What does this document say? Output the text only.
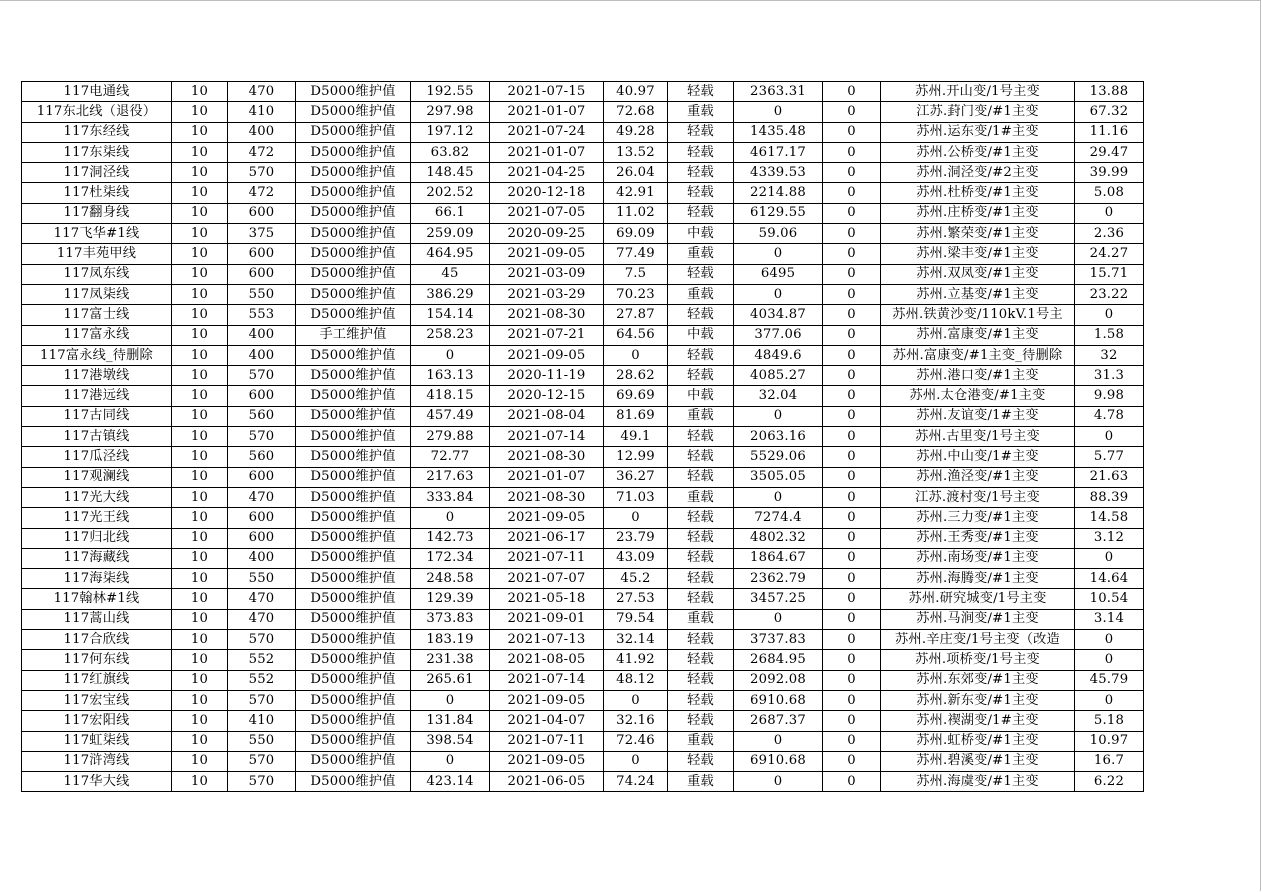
117电通线	10	470	D5000维护值	192.55	2021-07-15	40.97	轻载	2363.31	0	苏州.开山变/1号主变	13.88
117东北线（退役）	10	410	D5000维护值	297.98	2021-01-07	72.68	重载	0	0	江苏.葑门变/#1主变	67.32
117东经线	10	400	D5000维护值	197.12	2021-07-24	49.28	轻载	1435.48	0	苏州.运东变/1#主变	11.16
117东柒线	10	472	D5000维护值	63.82	2021-01-07	13.52	轻载	4617.17	0	苏州.公桥变/#1主变	29.47
117洞泾线	10	570	D5000维护值	148.45	2021-04-25	26.04	轻载	4339.53	0	苏州.洞泾变/#2主变	39.99
117杜柒线	10	472	D5000维护值	202.52	2020-12-18	42.91	轻载	2214.88	0	苏州.杜桥变/#1主变	5.08
117翻身线	10	600	D5000维护值	66.1	2021-07-05	11.02	轻载	6129.55	0	苏州.庄桥变/#1主变	0
117飞华#1线	10	375	D5000维护值	259.09	2020-09-25	69.09	中载	59.06	0	苏州.繁荣变/#1主变	2.36
117丰苑甲线	10	600	D5000维护值	464.95	2021-09-05	77.49	重载	0	0	苏州.梁丰变/#1主变	24.27
117凤东线	10	600	D5000维护值	45	2021-03-09	7.5	轻载	6495	0	苏州.双凤变/#1主变	15.71
117凤柒线	10	550	D5000维护值	386.29	2021-03-29	70.23	重载	0	0	苏州.立基变/#1主变	23.22
117富士线	10	553	D5000维护值	154.14	2021-08-30	27.87	轻载	4034.87	0	苏州.铁黄沙变/110kV.1号主	0
117富永线	10	400	手工维护值	258.23	2021-07-21	64.56	中载	377.06	0	苏州.富康变/#1主变	1.58
117富永线_待删除	10	400	D5000维护值	0	2021-09-05	0	轻载	4849.6	0	苏州.富康变/#1主变_待删除	32
117港墩线	10	570	D5000维护值	163.13	2020-11-19	28.62	轻载	4085.27	0	苏州.港口变/#1主变	31.3
117港远线	10	600	D5000维护值	418.15	2020-12-15	69.69	中载	32.04	0	苏州.太仓港变/#1主变	9.98
117古同线	10	560	D5000维护值	457.49	2021-08-04	81.69	重载	0	0	苏州.友谊变/1#主变	4.78
117古镇线	10	570	D5000维护值	279.88	2021-07-14	49.1	轻载	2063.16	0	苏州.古里变/1号主变	0
117瓜泾线	10	560	D5000维护值	72.77	2021-08-30	12.99	轻载	5529.06	0	苏州.中山变/1#主变	5.77
117观澜线	10	600	D5000维护值	217.63	2021-01-07	36.27	轻载	3505.05	0	苏州.渔泾变/#1主变	21.63
117光大线	10	470	D5000维护值	333.84	2021-08-30	71.03	重载	0	0	江苏.渡村变/1号主变	88.39
117光王线	10	600	D5000维护值	0	2021-09-05	0	轻载	7274.4	0	苏州.三力变/#1主变	14.58
117归北线	10	600	D5000维护值	142.73	2021-06-17	23.79	轻载	4802.32	0	苏州.王秀变/#1主变	3.12
117海藏线	10	400	D5000维护值	172.34	2021-07-11	43.09	轻载	1864.67	0	苏州.南场变/#1主变	0
117海柒线	10	550	D5000维护值	248.58	2021-07-07	45.2	轻载	2362.79	0	苏州.海腾变/#1主变	14.64
117翰林#1线	10	470	D5000维护值	129.39	2021-05-18	27.53	轻载	3457.25	0	苏州.研究城变/1号主变	10.54
117蒿山线	10	470	D5000维护值	373.83	2021-09-01	79.54	重载	0	0	苏州.马涧变/#1主变	3.14
117合欣线	10	570	D5000维护值	183.19	2021-07-13	32.14	轻载	3737.83	0	苏州.辛庄变/1号主变（改造	0
117何东线	10	552	D5000维护值	231.38	2021-08-05	41.92	轻载	2684.95	0	苏州.项桥变/1号主变	0
117红旗线	10	552	D5000维护值	265.61	2021-07-14	48.12	轻载	2092.08	0	苏州.东郊变/#1主变	45.79
117宏宝线	10	570	D5000维护值	0	2021-09-05	0	轻载	6910.68	0	苏州.新东变/#1主变	0
117宏阳线	10	410	D5000维护值	131.84	2021-04-07	32.16	轻载	2687.37	0	苏州.禊湖变/1#主变	5.18
117虹柒线	10	550	D5000维护值	398.54	2021-07-11	72.46	重载	0	0	苏州.虹桥变/#1主变	10.97
117浒湾线	10	570	D5000维护值	0	2021-09-05	0	轻载	6910.68	0	苏州.碧溪变/#1主变	16.7
117华大线	10	570	D5000维护值	423.14	2021-06-05	74.24	重载	0	0	苏州.海虞变/#1主变	6.22
